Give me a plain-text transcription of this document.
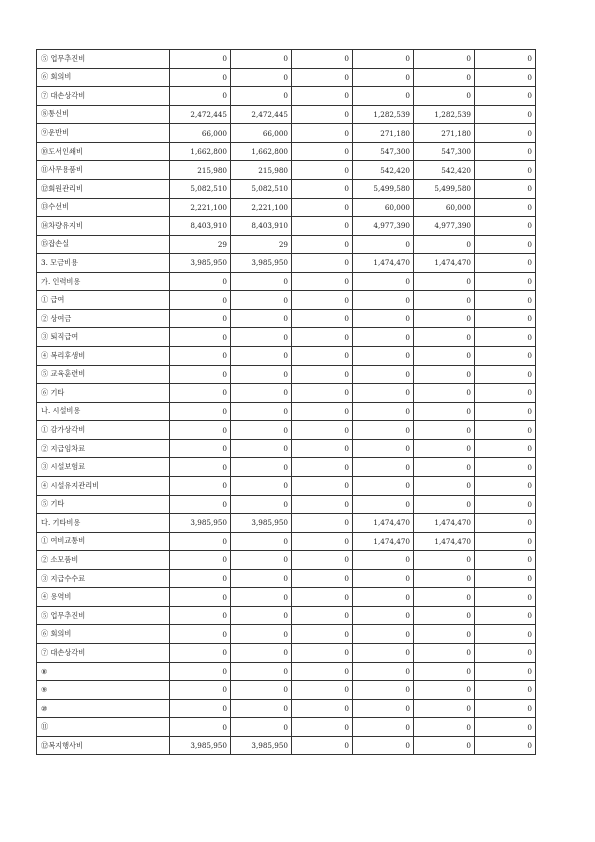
⑤ 업무추진비	0	0	0	0	0	0
⑥ 회의비	0	0	0	0	0	0
⑦ 대손상각비	0	0	0	0	0	0
⑧통신비	2,472,445	2,472,445	0	1,282,539	1,282,539	0
⑨운반비	66,000	66,000	0	271,180	271,180	0
⑩도서인쇄비	1,662,800	1,662,800	0	547,300	547,300	0
⑪사무용품비	215,980	215,980	0	542,420	542,420	0
⑫회원관리비	5,082,510	5,082,510	0	5,499,580	5,499,580	0
⑬수선비	2,221,100	2,221,100	0	60,000	60,000	0
⑭차량유지비	8,403,910	8,403,910	0	4,977,390	4,977,390	0
⑮잡손실	29	29	0	0	0	0
3. 모금비용	3,985,950	3,985,950	0	1,474,470	1,474,470	0
가. 인력비용	0	0	0	0	0	0
① 급여	0	0	0	0	0	0
② 상여금	0	0	0	0	0	0
③ 퇴직급여	0	0	0	0	0	0
④ 복리후생비	0	0	0	0	0	0
⑤ 교육훈련비	0	0	0	0	0	0
⑥ 기타	0	0	0	0	0	0
나. 시설비용	0	0	0	0	0	0
① 감가상각비	0	0	0	0	0	0
② 지급임차료	0	0	0	0	0	0
③ 시설보험료	0	0	0	0	0	0
④ 시설유지관리비	0	0	0	0	0	0
⑤ 기타	0	0	0	0	0	0
다. 기타비용	3,985,950	3,985,950	0	1,474,470	1,474,470	0
① 여비교통비	0	0	0	1,474,470	1,474,470	0
② 소모품비	0	0	0	0	0	0
③ 지급수수료	0	0	0	0	0	0
④ 용역비	0	0	0	0	0	0
⑤ 업무추진비	0	0	0	0	0	0
⑥ 회의비	0	0	0	0	0	0
⑦ 대손상각비	0	0	0	0	0	0
⑧	0	0	0	0	0	0
⑨	0	0	0	0	0	0
⑩	0	0	0	0	0	0
⑪	0	0	0	0	0	0
⑫복지행사비	3,985,950	3,985,950	0	0	0	0
